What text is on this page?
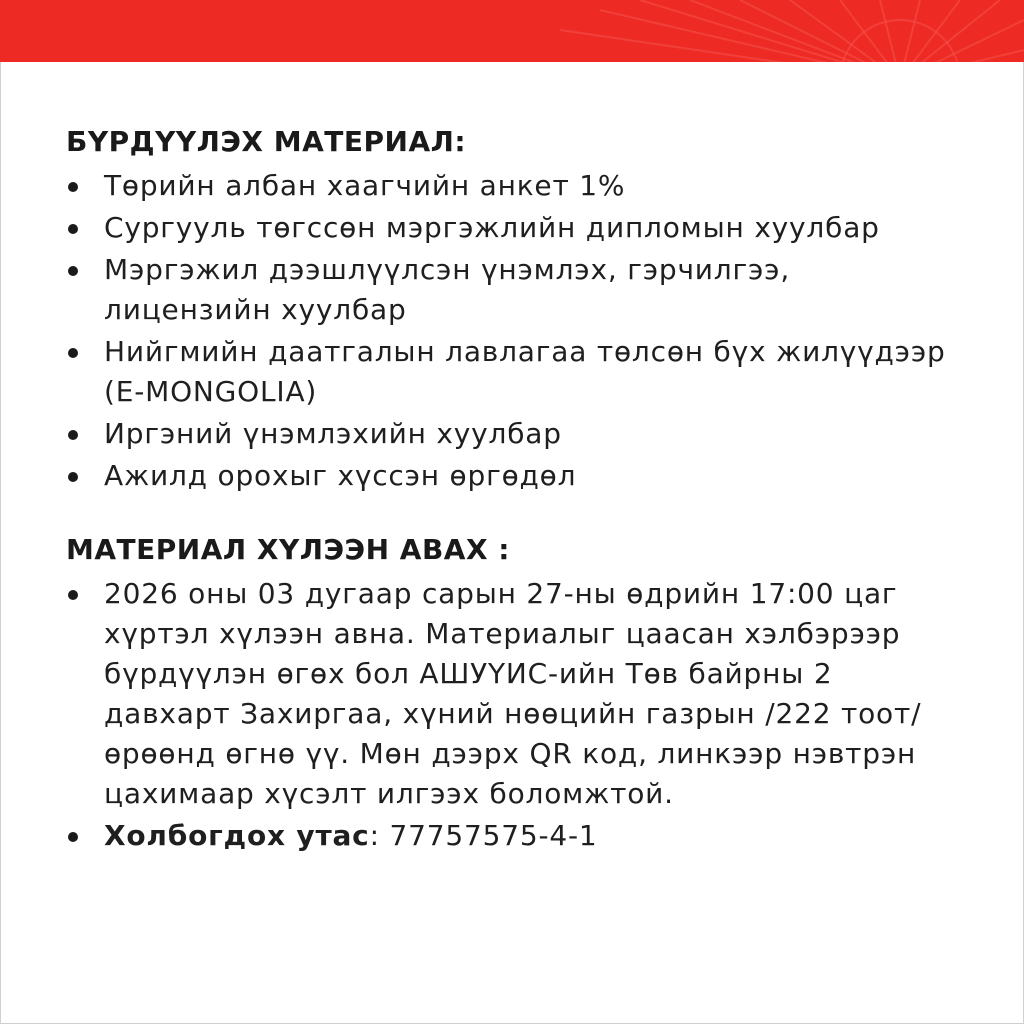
БҮРДҮҮЛЭХ МАТЕРИАЛ:
Төрийн албан хаагчийн анкет 1%
Сургууль төгссөн мэргэжлийн дипломын хуулбар
Мэргэжил дээшлүүлсэн үнэмлэх, гэрчилгээ, лицензийн хуулбар
Нийгмийн даатгалын лавлагаа төлсөн бүх жилүүдээр (E-MONGOLIA)
Иргэний үнэмлэхийн хуулбар
Ажилд орохыг хүссэн өргөдөл
МАТЕРИАЛ ХҮЛЭЭН АВАХ :
2026 оны 03 дугаар сарын 27-ны өдрийн 17:00 цаг хүртэл хүлээн авна. Материалыг цаасан хэлбэрээр бүрдүүлэн өгөх бол АШУҮИС-ийн Төв байрны 2 давхарт Захиргаа, хүний нөөцийн газрын /222 тоот/ өрөөнд өгнө үү. Мөн дээрх QR код, линкээр нэвтрэн цахимаар хүсэлт илгээх боломжтой.
Холбогдох утас: 77757575-4-1
